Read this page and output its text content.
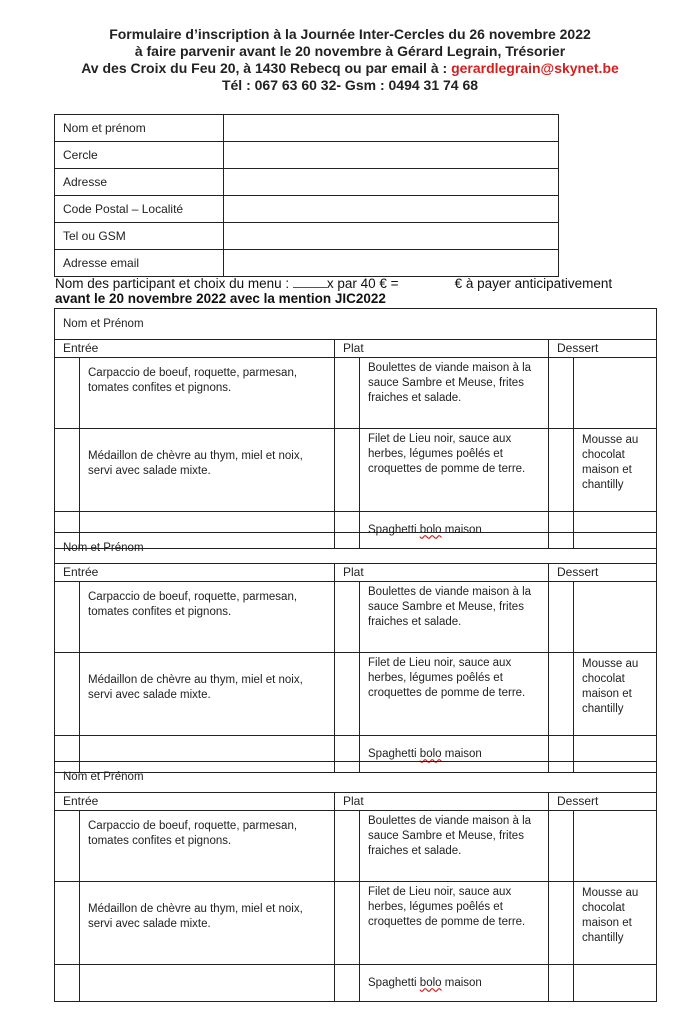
Formulaire d’inscription à la Journée Inter-Cercles du 26 novembre 2022
à faire parvenir avant le 20 novembre à Gérard Legrain, Trésorier
Av des Croix du Feu 20, à 1430 Rebecq ou par email à : gerardlegrain@skynet.be
Tél : 067 63 60 32- Gsm : 0494 31 74 68
Nom et prénom	
Cercle	
Adresse	
Code Postal – Localité	
Tel ou GSM	
Adresse email	
Nom des participant et choix du menu :	x par 40 € =	€ à payer anticipativement
avant le 20 novembre 2022 avec la mention JIC2022
Nom et Prénom					
Entrée		Plat		Dessert	
	Carpaccio de boeuf, roquette, parmesan, tomates confites et pignons.		Boulettes de viande maison à la sauce Sambre et Meuse, frites fraiches et salade.		
	Médaillon de chèvre au thym, miel et noix, servi avec salade mixte.		Filet de Lieu noir, sauce aux herbes, légumes poêlés et croquettes de pomme de terre.		Mousse au chocolat maison et chantilly
			Spaghetti bolo maison		
Nom et Prénom					
Entrée		Plat		Dessert	
	Carpaccio de boeuf, roquette, parmesan, tomates confites et pignons.		Boulettes de viande maison à la sauce Sambre et Meuse, frites fraiches et salade.		
	Médaillon de chèvre au thym, miel et noix, servi avec salade mixte.		Filet de Lieu noir, sauce aux herbes, légumes poêlés et croquettes de pomme de terre.		Mousse au chocolat maison et chantilly
			Spaghetti bolo maison		
Nom et Prénom					
Entrée		Plat		Dessert	
	Carpaccio de boeuf, roquette, parmesan, tomates confites et pignons.		Boulettes de viande maison à la sauce Sambre et Meuse, frites fraiches et salade.		
	Médaillon de chèvre au thym, miel et noix, servi avec salade mixte.		Filet de Lieu noir, sauce aux herbes, légumes poêlés et croquettes de pomme de terre.		Mousse au chocolat maison et chantilly
			Spaghetti bolo maison		
